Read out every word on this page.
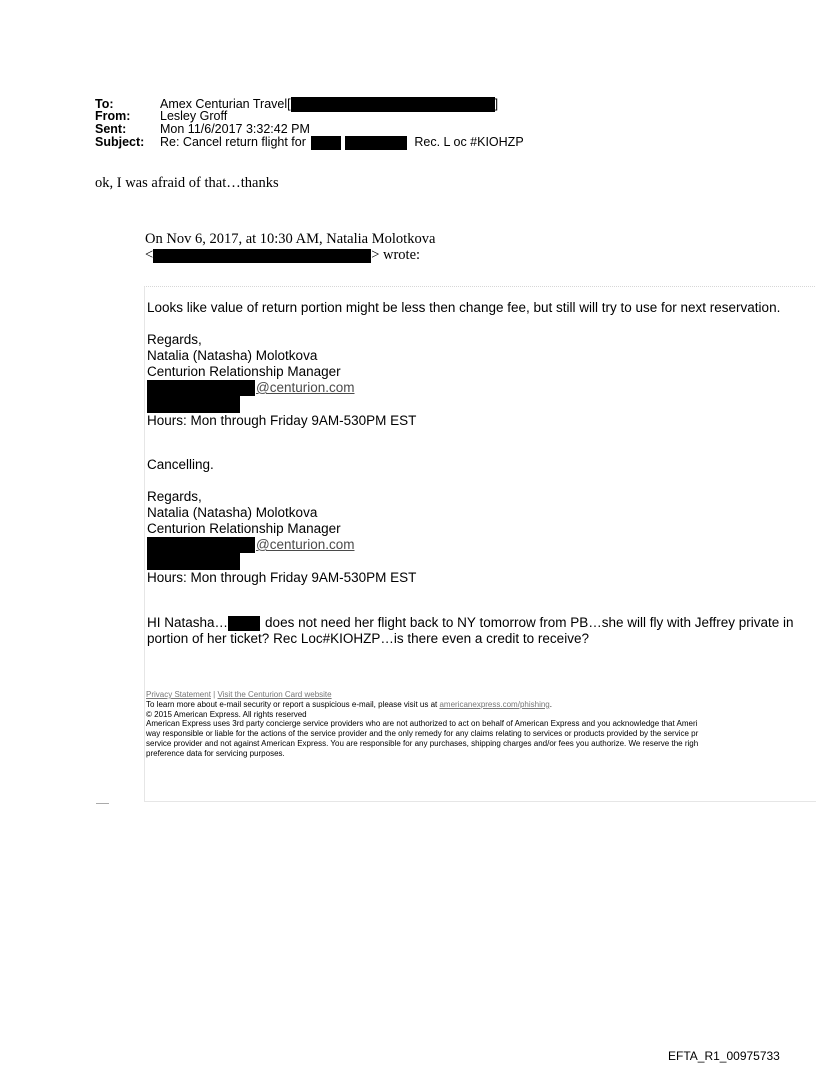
To:	Amex Centurian Travel[	]
From: Lesley Groff
Sent:	Mon 11/6/2017 3:32:42 PM
Subject: Re: Cancel return flight for	Rec. L oc #KIOHZP
ok, I was afraid of that…thanks
On Nov 6, 2017, at 10:30 AM, Natalia Molotkova
<	> wrote:
Looks like value of return portion might be less then change fee, but still will try to use for next reservation.
Regards,
Natalia (Natasha) Molotkova
Centurion Relationship Manager
@centurion.com
Hours: Mon through Friday 9AM-530PM EST
Cancelling.
Regards,
Natalia (Natasha) Molotkova
Centurion Relationship Manager
@centurion.com
Hours: Mon through Friday 9AM-530PM EST
HI Natasha…	does not need her flight back to NY tomorrow from PB…she will fly with Jeffrey private in
portion of her ticket? Rec Loc#KIOHZP…is there even a credit to receive?
Privacy Statement | Visit the Centurion Card website
To learn more about e-mail security or report a suspicious e-mail, please visit us at americanexpress.com/phishing.
© 2015 American Express. All rights reserved
American Express uses 3rd party concierge service providers who are not authorized to act on behalf of American Express and you acknowledge that Ameri
way responsible or liable for the actions of the service provider and the only remedy for any claims relating to services or products provided by the service pr
service provider and not against American Express. You are responsible for any purchases, shipping charges and/or fees you authorize. We reserve the righ
preference data for servicing purposes.
EFTA_R1_00975733
